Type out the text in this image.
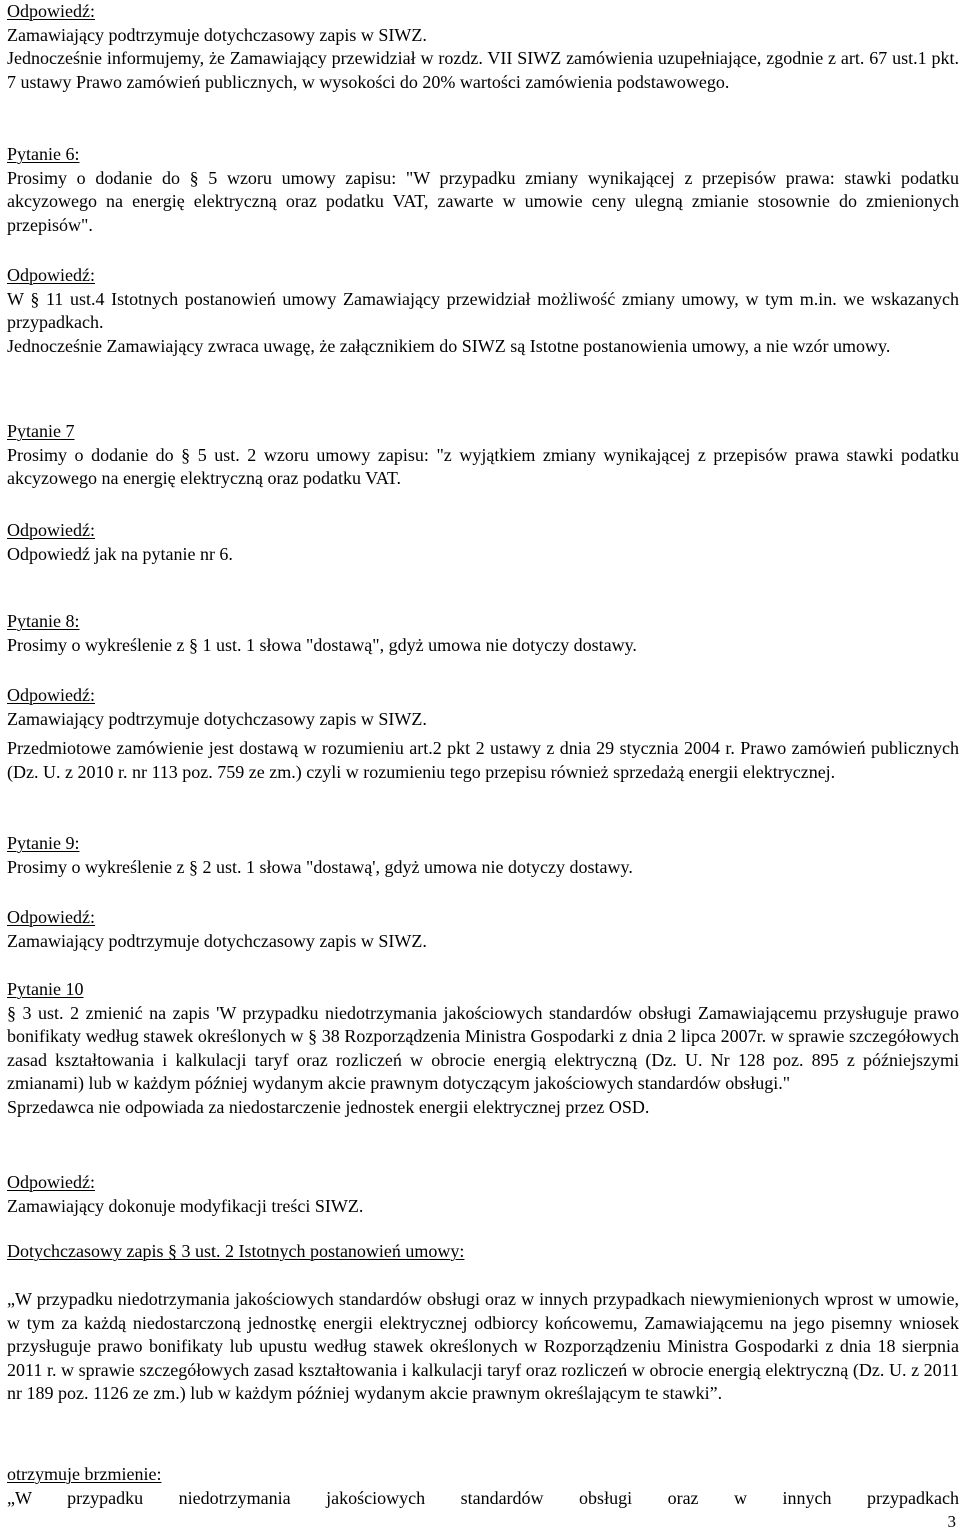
Odpowiedź:

Zamawiający podtrzymuje dotychczasowy zapis w SIWZ.

Jednocześnie informujemy, że Zamawiający przewidział w rozdz. VII SIWZ zamówienia uzupełniające, zgodnie z art. 67 ust.1 pkt. 7 ustawy Prawo zamówień publicznych, w wysokości do 20% wartości zamówienia podstawowego.

Pytanie 6:

Prosimy o dodanie do § 5 wzoru umowy zapisu: "W przypadku zmiany wynikającej z przepisów prawa: stawki podatku akcyzowego na energię elektryczną oraz podatku VAT, zawarte w umowie ceny ulegną zmianie stosownie do zmienionych przepisów".

Odpowiedź:

W § 11 ust.4 Istotnych postanowień umowy Zamawiający przewidział możliwość zmiany umowy, w tym m.in. we wskazanych przypadkach.

Jednocześnie Zamawiający zwraca uwagę, że załącznikiem do SIWZ są Istotne postanowienia umowy, a nie wzór umowy.

Pytanie 7

Prosimy o dodanie do § 5 ust. 2 wzoru umowy zapisu: "z wyjątkiem zmiany wynikającej z przepisów prawa stawki podatku akcyzowego na energię elektryczną oraz podatku VAT.

Odpowiedź:

Odpowiedź jak na pytanie nr 6.

Pytanie 8:

Prosimy o wykreślenie z § 1 ust. 1 słowa "dostawą", gdyż umowa nie dotyczy dostawy.

Odpowiedź:

Zamawiający podtrzymuje dotychczasowy zapis w SIWZ.

Przedmiotowe zamówienie jest dostawą w rozumieniu art.2 pkt 2 ustawy z dnia 29 stycznia 2004 r. Prawo zamówień publicznych (Dz. U. z 2010 r. nr 113 poz. 759 ze zm.) czyli w rozumieniu tego przepisu również sprzedażą energii elektrycznej.

Pytanie 9:

Prosimy o wykreślenie z § 2 ust. 1 słowa "dostawą', gdyż umowa nie dotyczy dostawy.

Odpowiedź:

Zamawiający podtrzymuje dotychczasowy zapis w SIWZ.

Pytanie 10

§ 3 ust. 2 zmienić na zapis 'W przypadku niedotrzymania jakościowych standardów obsługi Zamawiającemu przysługuje prawo bonifikaty według stawek określonych w § 38 Rozporządzenia Ministra Gospodarki z dnia 2 lipca 2007r. w sprawie szczegółowych zasad kształtowania i kalkulacji taryf oraz rozliczeń w obrocie energią elektryczną (Dz. U. Nr 128 poz. 895 z późniejszymi zmianami) lub w każdym później wydanym akcie prawnym dotyczącym jakościowych standardów obsługi."

Sprzedawca nie odpowiada za niedostarczenie jednostek energii elektrycznej przez OSD.

Odpowiedź:

Zamawiający dokonuje modyfikacji treści SIWZ.

Dotychczasowy zapis § 3 ust. 2 Istotnych postanowień umowy:

„W przypadku niedotrzymania jakościowych standardów obsługi oraz w innych przypadkach niewymienionych wprost w umowie, w tym za każdą niedostarczoną jednostkę energii elektrycznej odbiorcy końcowemu, Zamawiającemu na jego pisemny wniosek przysługuje prawo bonifikaty lub upustu według stawek określonych w Rozporządzeniu Ministra Gospodarki z dnia 18 sierpnia 2011 r. w sprawie szczegółowych zasad kształtowania i kalkulacji taryf oraz rozliczeń w obrocie energią elektryczną (Dz. U. z 2011 nr 189 poz. 1126 ze zm.) lub w każdym później wydanym akcie prawnym określającym te stawki”.

otrzymuje brzmienie:

„W przypadku niedotrzymania jakościowych standardów obsługi oraz w innych przypadkach

3
